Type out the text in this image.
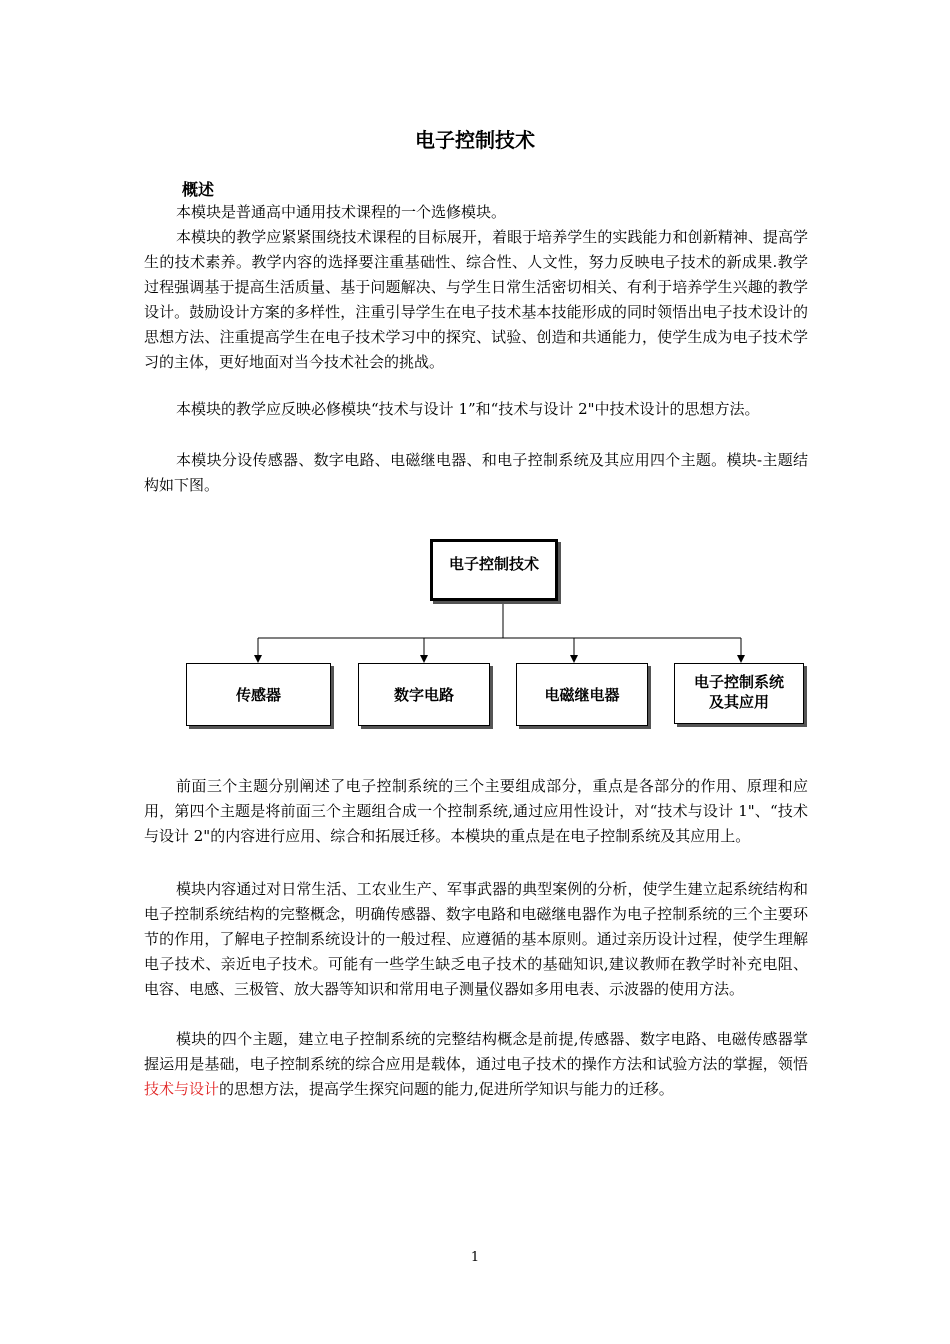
电子控制技术
概述

本模块是普通高中通用技术课程的一个选修模块。

本模块的教学应紧紧围绕技术课程的目标展开，着眼于培养学生的实践能力和创新精神、提高学生的技术素养。教学内容的选择要注重基础性、综合性、人文性，努力反映电子技术的新成果.教学过程强调基于提高生活质量、基于问题解决、与学生日常生活密切相关、有利于培养学生兴趣的教学设计。鼓励设计方案的多样性，注重引导学生在电子技术基本技能形成的同时领悟出电子技术设计的思想方法、注重提高学生在电子技术学习中的探究、试验、创造和共通能力，使学生成为电子技术学习的主体，更好地面对当今技术社会的挑战。

本模块的教学应反映必修模块“技术与设计 1”和“技术与设计 2"中技术设计的思想方法。

本模块分设传感器、数字电路、电磁继电器、和电子控制系统及其应用四个主题。模块-主题结构如下图。

电子控制技术
传感器	数字电路	电磁继电器
电子控制系统
及其应用

前面三个主题分别阐述了电子控制系统的三个主要组成部分，重点是各部分的作用、原理和应用，第四个主题是将前面三个主题组合成一个控制系统,通过应用性设计，对“技术与设计 1"、“技术与设计 2"的内容进行应用、综合和拓展迁移。本模块的重点是在电子控制系统及其应用上。

模块内容通过对日常生活、工农业生产、军事武器的典型案例的分析，使学生建立起系统结构和电子控制系统结构的完整概念，明确传感器、数字电路和电磁继电器作为电子控制系统的三个主要环节的作用，了解电子控制系统设计的一般过程、应遵循的基本原则。通过亲历设计过程，使学生理解电子技术、亲近电子技术。可能有一些学生缺乏电子技术的基础知识,建议教师在教学时补充电阻、电容、电感、三极管、放大器等知识和常用电子测量仪器如多用电表、示波器的使用方法。

模块的四个主题，建立电子控制系统的完整结构概念是前提,传感器、数字电路、电磁传感器掌握运用是基础，电子控制系统的综合应用是载体，通过电子技术的操作方法和试验方法的掌握，领悟技术与设计的思想方法，提高学生探究问题的能力,促进所学知识与能力的迁移。

1
